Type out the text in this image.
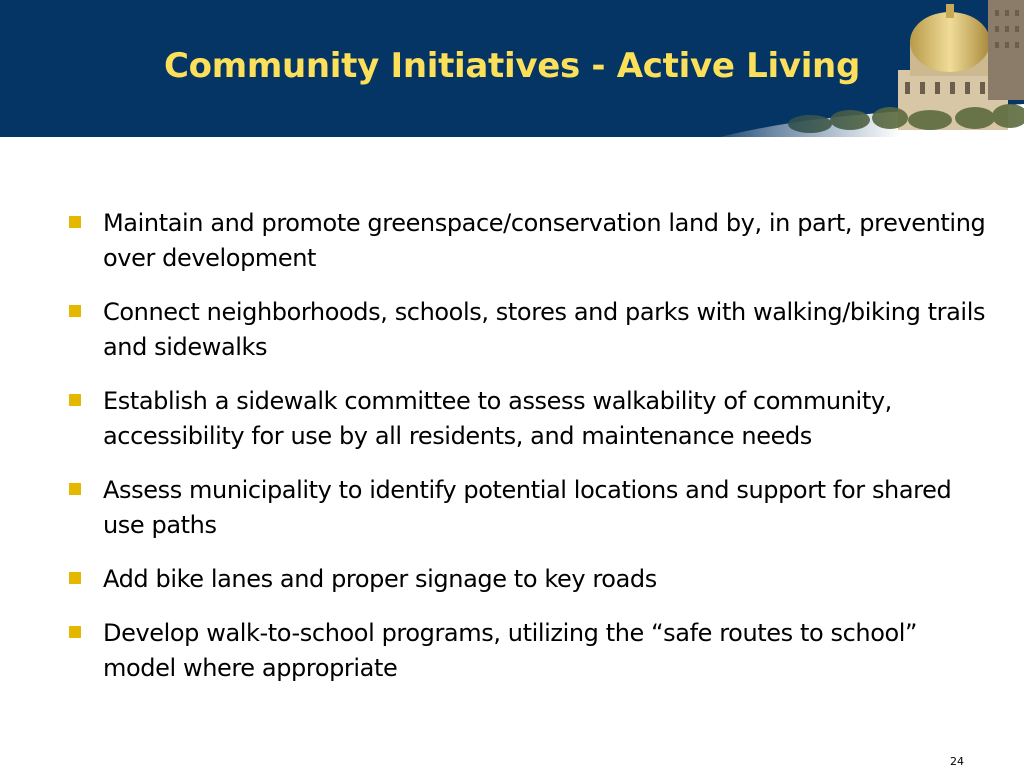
Community Initiatives - Active Living
Maintain and promote greenspace/conservation land by, in part, preventing over development
Connect neighborhoods, schools, stores and parks with walking/biking trails and sidewalks
Establish a sidewalk committee to assess walkability of community, accessibility for use by all residents, and maintenance needs
Assess municipality to identify potential locations and support for shared use paths
Add bike lanes and proper signage to key roads
Develop walk-to-school programs, utilizing the “safe routes to school” model where appropriate
24
